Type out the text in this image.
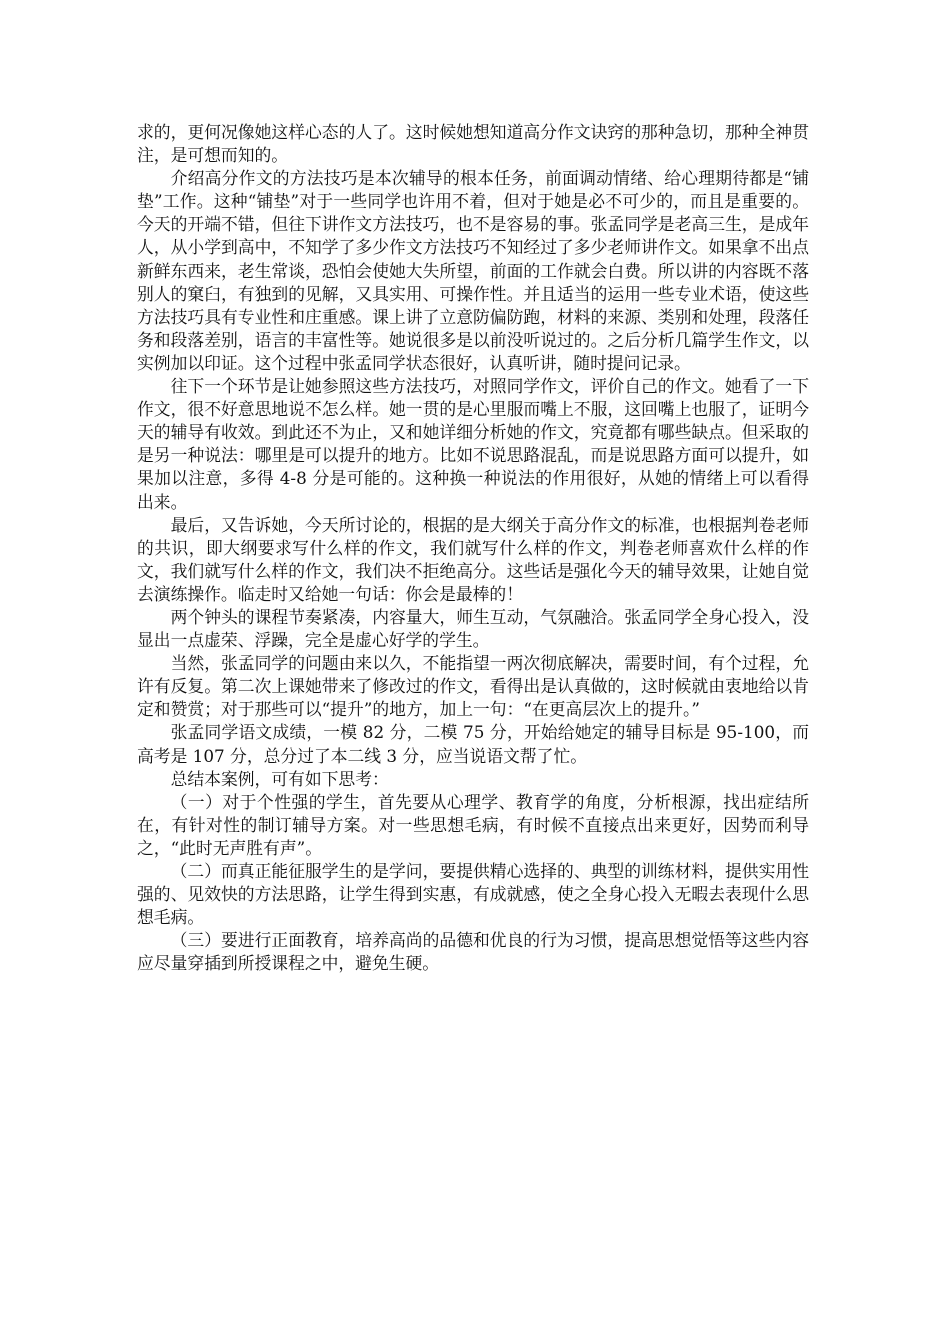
求的，更何况像她这样心态的人了。这时候她想知道高分作文诀窍的那种急切，那种全神贯注，是可想而知的。

介绍高分作文的方法技巧是本次辅导的根本任务，前面调动情绪、给心理期待都是“铺垫”工作。这种“铺垫”对于一些同学也许用不着，但对于她是必不可少的，而且是重要的。今天的开端不错，但往下讲作文方法技巧，也不是容易的事。张孟同学是老高三生，是成年人，从小学到高中，不知学了多少作文方法技巧不知经过了多少老师讲作文。如果拿不出点新鲜东西来，老生常谈，恐怕会使她大失所望，前面的工作就会白费。所以讲的内容既不落别人的窠臼，有独到的见解，又具实用、可操作性。并且适当的运用一些专业术语，使这些方法技巧具有专业性和庄重感。课上讲了立意防偏防跑，材料的来源、类别和处理，段落任务和段落差别，语言的丰富性等。她说很多是以前没听说过的。之后分析几篇学生作文，以实例加以印证。这个过程中张孟同学状态很好，认真听讲，随时提问记录。

往下一个环节是让她参照这些方法技巧，对照同学作文，评价自己的作文。她看了一下作文，很不好意思地说不怎么样。她一贯的是心里服而嘴上不服，这回嘴上也服了，证明今天的辅导有收效。到此还不为止，又和她详细分析她的作文，究竟都有哪些缺点。但采取的是另一种说法：哪里是可以提升的地方。比如不说思路混乱，而是说思路方面可以提升，如果加以注意，多得 4-8 分是可能的。这种换一种说法的作用很好，从她的情绪上可以看得出来。

最后，又告诉她，今天所讨论的，根据的是大纲关于高分作文的标准，也根据判卷老师的共识，即大纲要求写什么样的作文，我们就写什么样的作文，判卷老师喜欢什么样的作文，我们就写什么样的作文，我们决不拒绝高分。这些话是强化今天的辅导效果，让她自觉去演练操作。临走时又给她一句话：你会是最棒的！

两个钟头的课程节奏紧凑，内容量大，师生互动，气氛融洽。张孟同学全身心投入，没显出一点虚荣、浮躁，完全是虚心好学的学生。

当然，张孟同学的问题由来以久，不能指望一两次彻底解决，需要时间，有个过程，允许有反复。第二次上课她带来了修改过的作文，看得出是认真做的，这时候就由衷地给以肯定和赞赏；对于那些可以“提升”的地方，加上一句：“在更高层次上的提升。”

张孟同学语文成绩，一模 82 分，二模 75 分，开始给她定的辅导目标是 95-100，而高考是 107 分，总分过了本二线 3 分，应当说语文帮了忙。

总结本案例，可有如下思考：

（一）对于个性强的学生，首先要从心理学、教育学的角度，分析根源，找出症结所在，有针对性的制订辅导方案。对一些思想毛病，有时候不直接点出来更好，因势而利导之，“此时无声胜有声”。

（二）而真正能征服学生的是学问，要提供精心选择的、典型的训练材料，提供实用性强的、见效快的方法思路，让学生得到实惠，有成就感，使之全身心投入无暇去表现什么思想毛病。

（三）要进行正面教育，培养高尚的品德和优良的行为习惯，提高思想觉悟等这些内容应尽量穿插到所授课程之中，避免生硬。
